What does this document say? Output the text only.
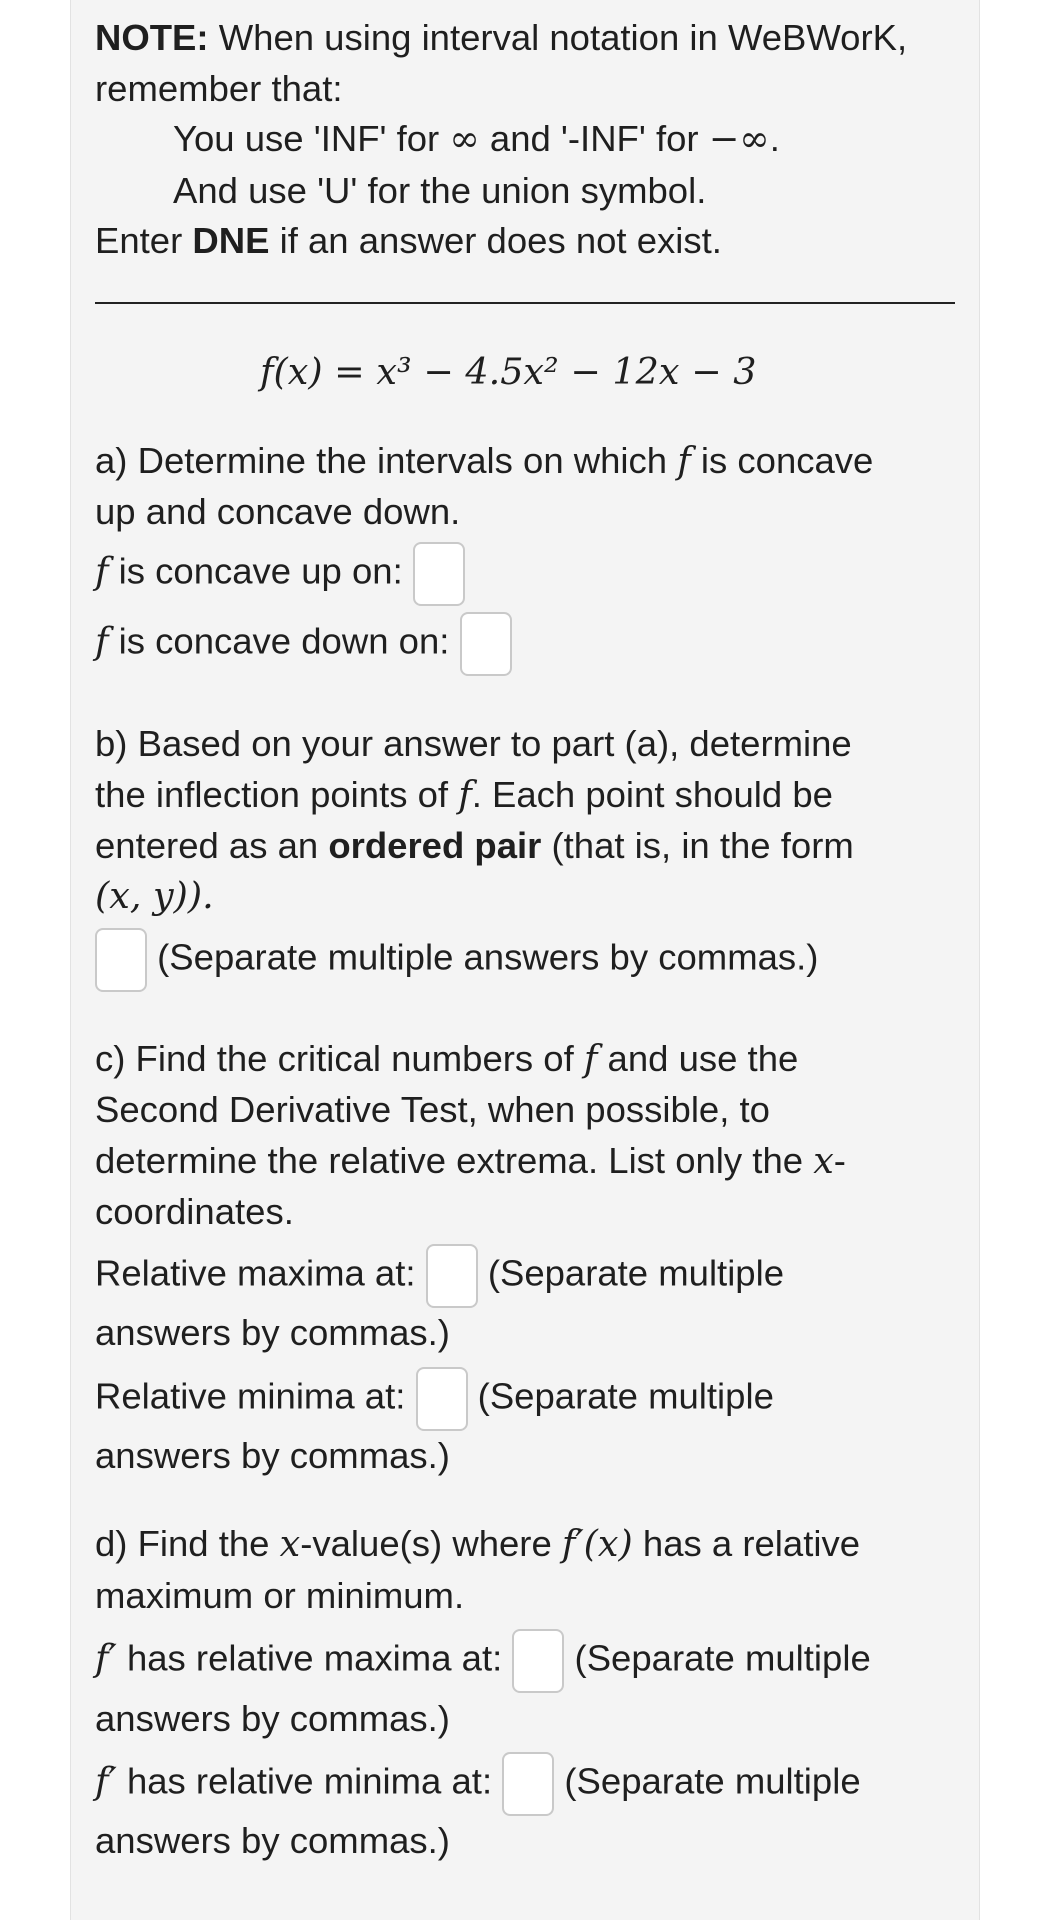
NOTE: When using interval notation in WeBWorK,
remember that:
You use 'INF' for ∞ and '-INF' for −∞.
And use 'U' for the union symbol.
Enter DNE if an answer does not exist.
f(x) = x³ − 4.5x² − 12x − 3
a) Determine the intervals on which f is concave
up and concave down.
f is concave up on:
f is concave down on:
b) Based on your answer to part (a), determine
the inflection points of f. Each point should be
entered as an ordered pair (that is, in the form
(x, y)).
(Separate multiple answers by commas.)
c) Find the critical numbers of f and use the
Second Derivative Test, when possible, to
determine the relative extrema. List only the x-
coordinates.
Relative maxima at: (Separate multiple
answers by commas.)
Relative minima at: (Separate multiple
answers by commas.)
d) Find the x-value(s) where f′(x) has a relative
maximum or minimum.
f′ has relative maxima at: (Separate multiple
answers by commas.)
f′ has relative minima at: (Separate multiple
answers by commas.)
